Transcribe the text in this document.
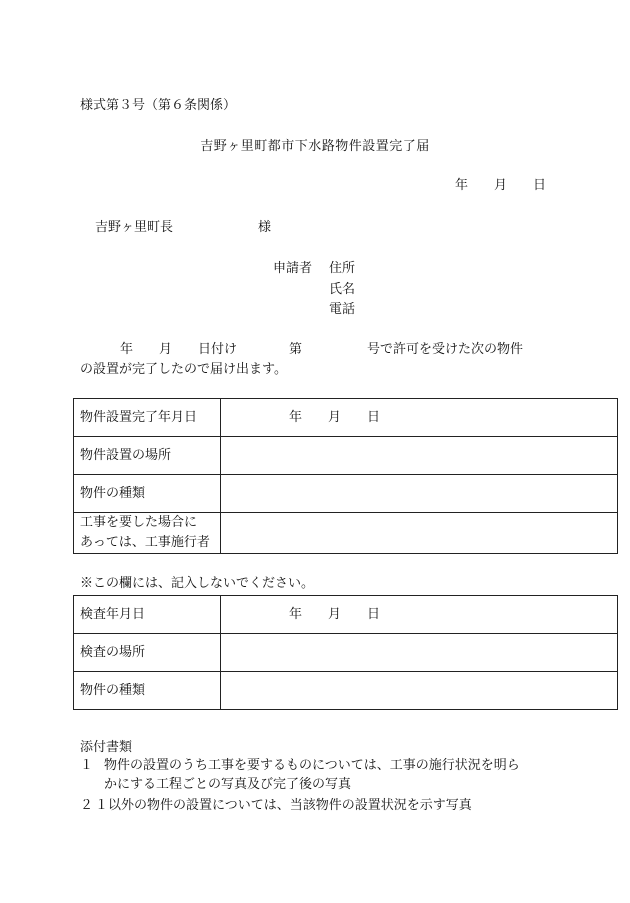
様式第３号（第６条関係）
吉野ヶ里町都市下水路物件設置完了届
年　　月　　日
吉野ヶ里町長	様
申請者 住所
氏名
電話
年　　月　　日付け　　　　第　　　　　号で許可を受けた次の物件
の設置が完了したので届け出ます。
物件設置完了年月日	年　　月　　日
物件設置の場所	
物件の種類	

工事を要した場合に
あっては、工事施行者	

※この欄には、記入しないでください。
検査年月日	年　　月　　日
検査の場所	
物件の種類	
添付書類
１ 物件の設置のうち工事を要するものについては、工事の施行状況を明ら
かにする工程ごとの写真及び完了後の写真
２ １以外の物件の設置については、当該物件の設置状況を示す写真
